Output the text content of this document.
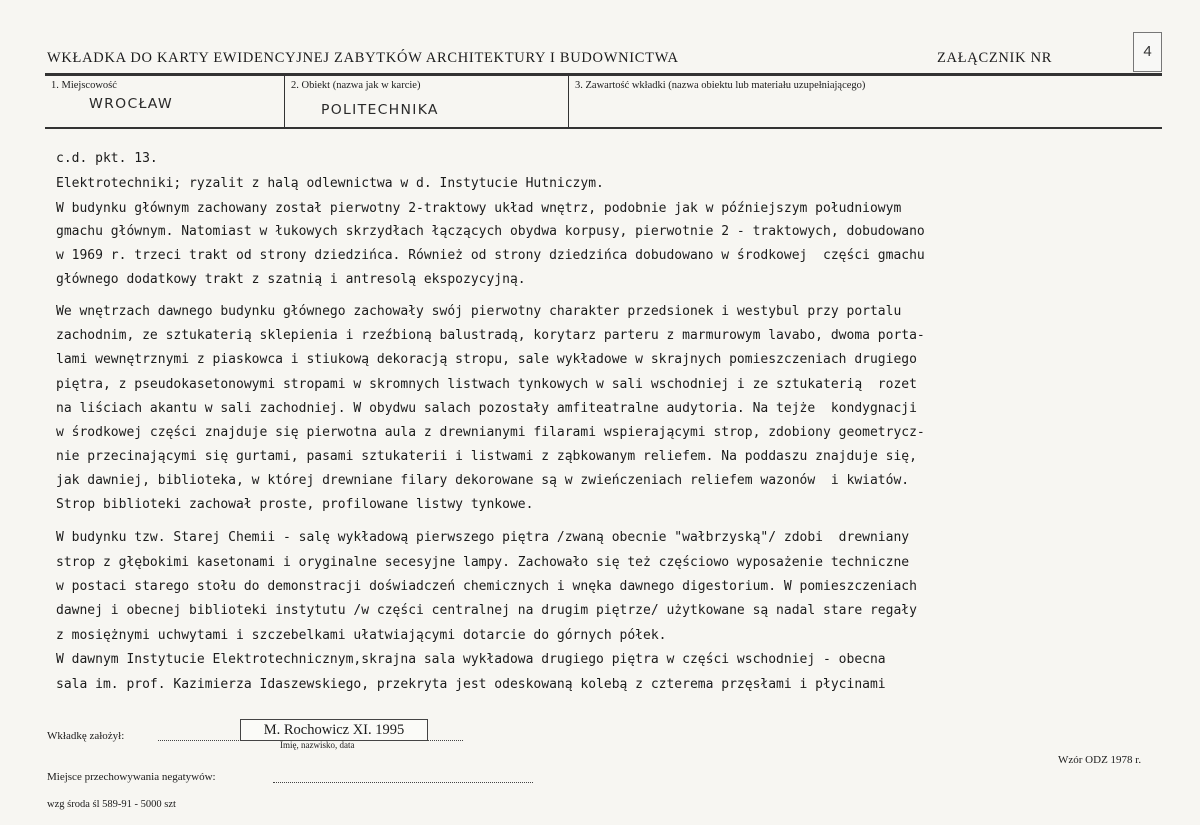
WKŁADKA DO KARTY EWIDENCYJNEJ ZABYTKÓW ARCHITEKTURY I BUDOWNICTWA	ZAŁĄCZNIK NR	4
1. Miejscowość
WROCŁAW
2. Obiekt (nazwa jak w karcie)
POLITECHNIKA
3. Zawartość wkładki (nazwa obiektu lub materiału uzupełniającego)
c.d. pkt. 13.
Elektrotechniki; ryzalit z halą odlewnictwa w d. Instytucie Hutniczym.
W budynku głównym zachowany został pierwotny 2-traktowy układ wnętrz, podobnie jak w późniejszym południowym
gmachu głównym. Natomiast w łukowych skrzydłach łączących obydwa korpusy, pierwotnie 2 - traktowych, dobudowano
w 1969 r. trzeci trakt od strony dziedzińca. Również od strony dziedzińca dobudowano w środkowej  części gmachu
głównego dodatkowy trakt z szatnią i antresolą ekspozycyjną.
We wnętrzach dawnego budynku głównego zachowały swój pierwotny charakter przedsionek i westybul przy portalu
zachodnim, ze sztukaterią sklepienia i rzeźbioną balustradą, korytarz parteru z marmurowym lavabo, dwoma porta-
lami wewnętrznymi z piaskowca i stiukową dekoracją stropu, sale wykładowe w skrajnych pomieszczeniach drugiego
piętra, z pseudokasetonowymi stropami w skromnych listwach tynkowych w sali wschodniej i ze sztukaterią  rozet
na liściach akantu w sali zachodniej. W obydwu salach pozostały amfiteatralne audytoria. Na tejże  kondygnacji
w środkowej części znajduje się pierwotna aula z drewnianymi filarami wspierającymi strop, zdobiony geometrycz-
nie przecinającymi się gurtami, pasami sztukaterii i listwami z ząbkowanym reliefem. Na poddaszu znajduje się,
jak dawniej, biblioteka, w której drewniane filary dekorowane są w zwieńczeniach reliefem wazonów  i kwiatów.
Strop biblioteki zachował proste, profilowane listwy tynkowe.
W budynku tzw. Starej Chemii - salę wykładową pierwszego piętra /zwaną obecnie "wałbrzyską"/ zdobi  drewniany
strop z głębokimi kasetonami i oryginalne secesyjne lampy. Zachowało się też częściowo wyposażenie techniczne
w postaci starego stołu do demonstracji doświadczeń chemicznych i wnęka dawnego digestorium. W pomieszczeniach
dawnej i obecnej biblioteki instytutu /w części centralnej na drugim piętrze/ użytkowane są nadal stare regały
z mosiężnymi uchwytami i szczebelkami ułatwiającymi dotarcie do górnych półek.
W dawnym Instytucie Elektrotechnicznym,skrajna sala wykładowa drugiego piętra w części wschodniej - obecna
sala im. prof. Kazimierza Idaszewskiego, przekryta jest odeskowaną kolebą z czterema przęsłami i płycinami
Wkładkę założył:	M. Rochowicz XI. 1995
Imię, nazwisko, data
Wzór ODZ 1978 r.
Miejsce przechowywania negatywów:
wzg środa śl 589-91 - 5000 szt
